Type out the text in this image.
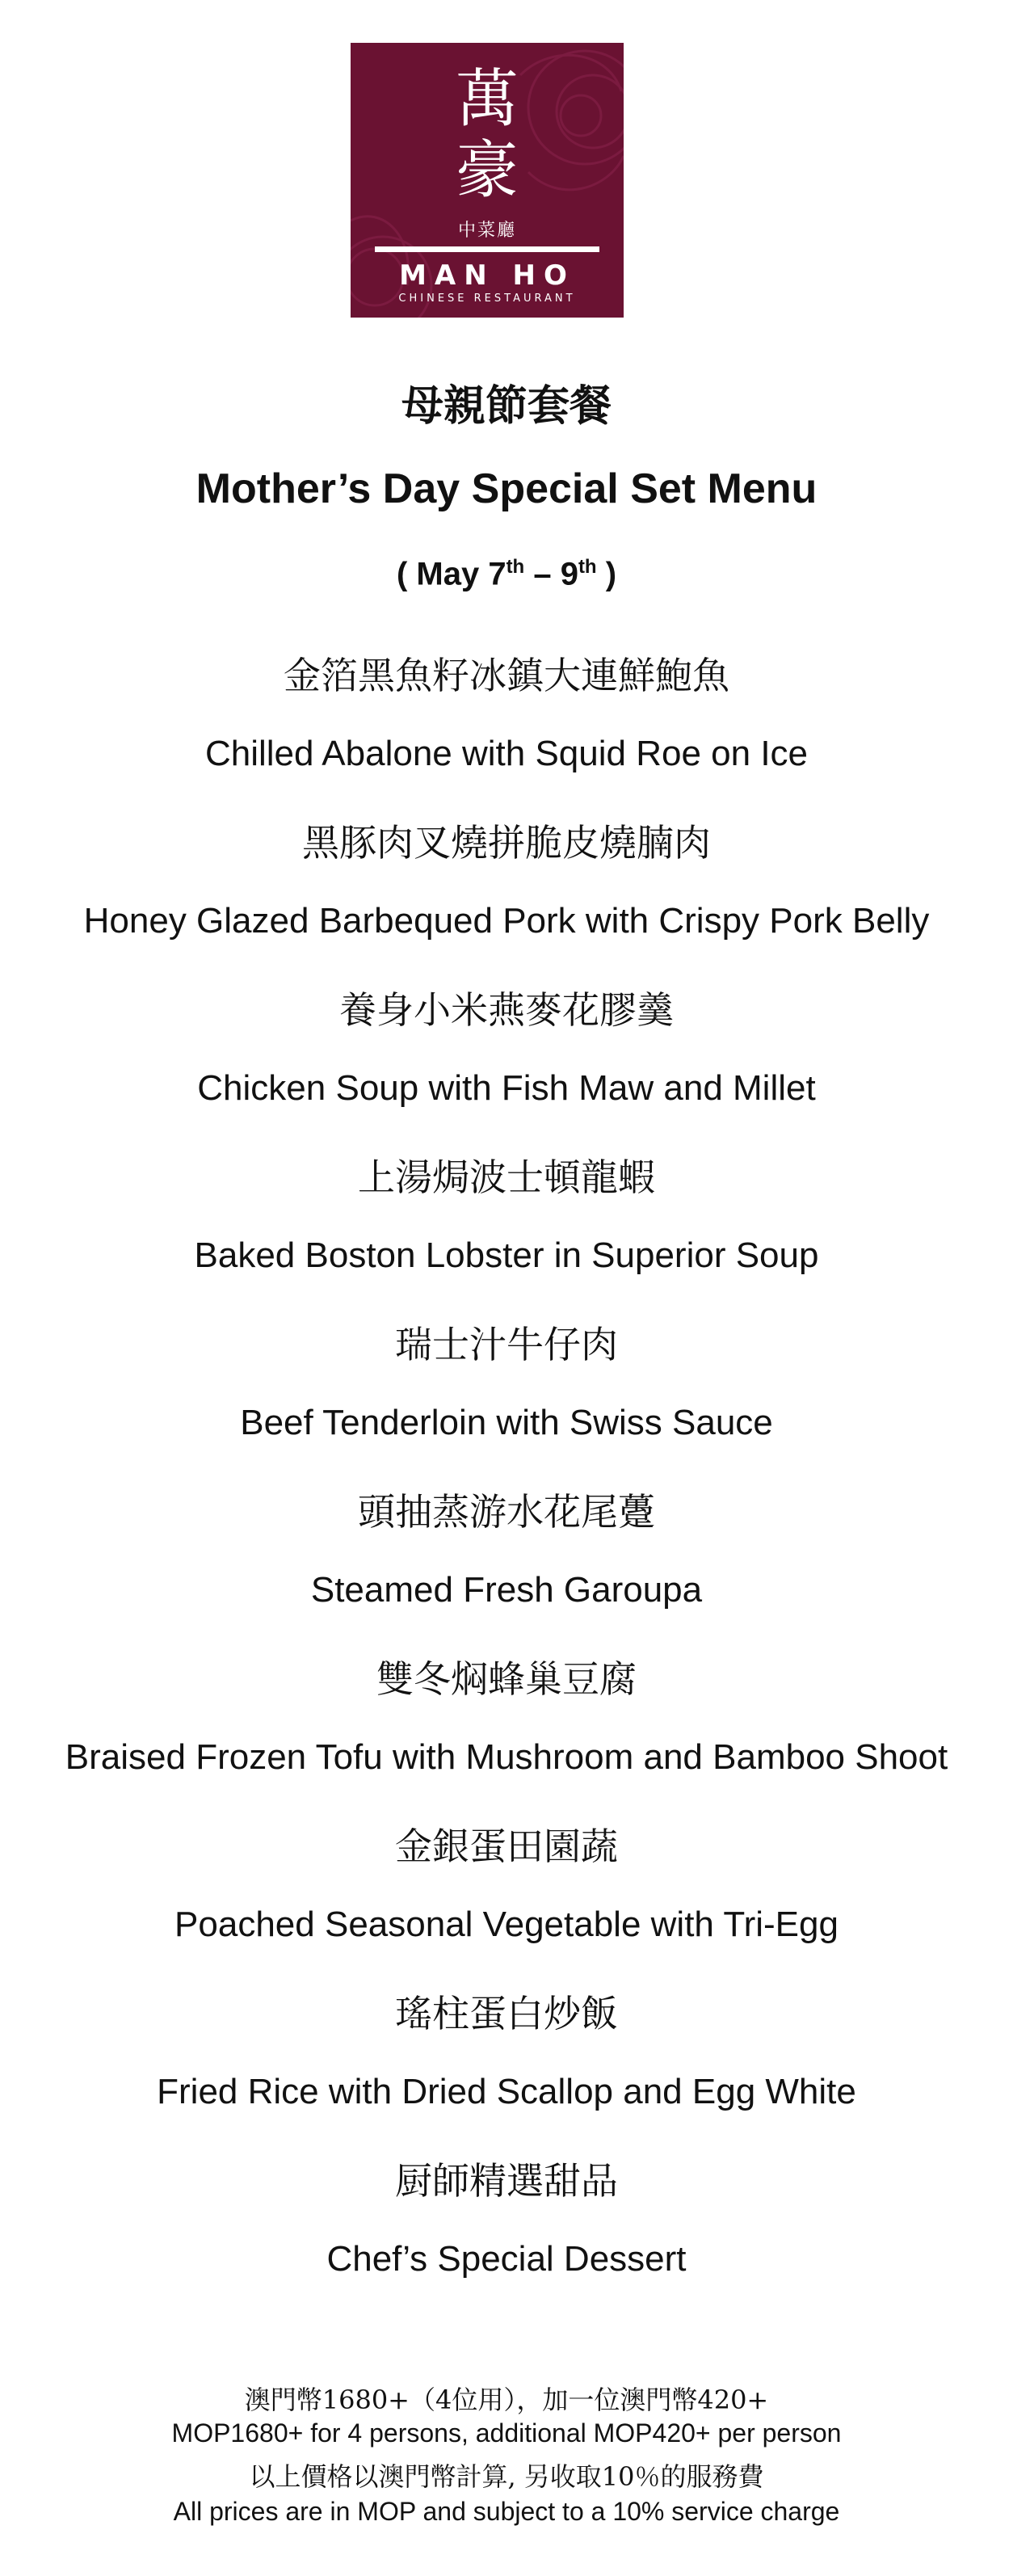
萬
豪
中菜廳
MAN HO
CHINESE RESTAURANT
母親節套餐
Mother’s Day Special Set Menu
( May 7th – 9th )
金箔黑魚籽冰鎮大連鮮鮑魚
Chilled Abalone with Squid Roe on Ice
黑豚肉叉燒拼脆皮燒腩肉
Honey Glazed Barbequed Pork with Crispy Pork Belly
養身小米燕麥花膠羹
Chicken Soup with Fish Maw and Millet
上湯焗波士頓龍蝦
Baked Boston Lobster in Superior Soup
瑞士汁牛仔肉
Beef Tenderloin with Swiss Sauce
頭抽蒸游水花尾躉
Steamed Fresh Garoupa
雙冬焖蜂巢豆腐
Braised Frozen Tofu with Mushroom and Bamboo Shoot
金銀蛋田園蔬
Poached Seasonal Vegetable with Tri-Egg
瑤柱蛋白炒飯
Fried Rice with Dried Scallop and Egg White
厨師精選甜品
Chef’s Special Dessert
澳門幣1680+（4位用），加一位澳門幣420+
MOP1680+ for 4 persons, additional MOP420+ per person
以上價格以澳門幣計算, 另收取10％的服務費
All prices are in MOP and subject to a 10% service charge
